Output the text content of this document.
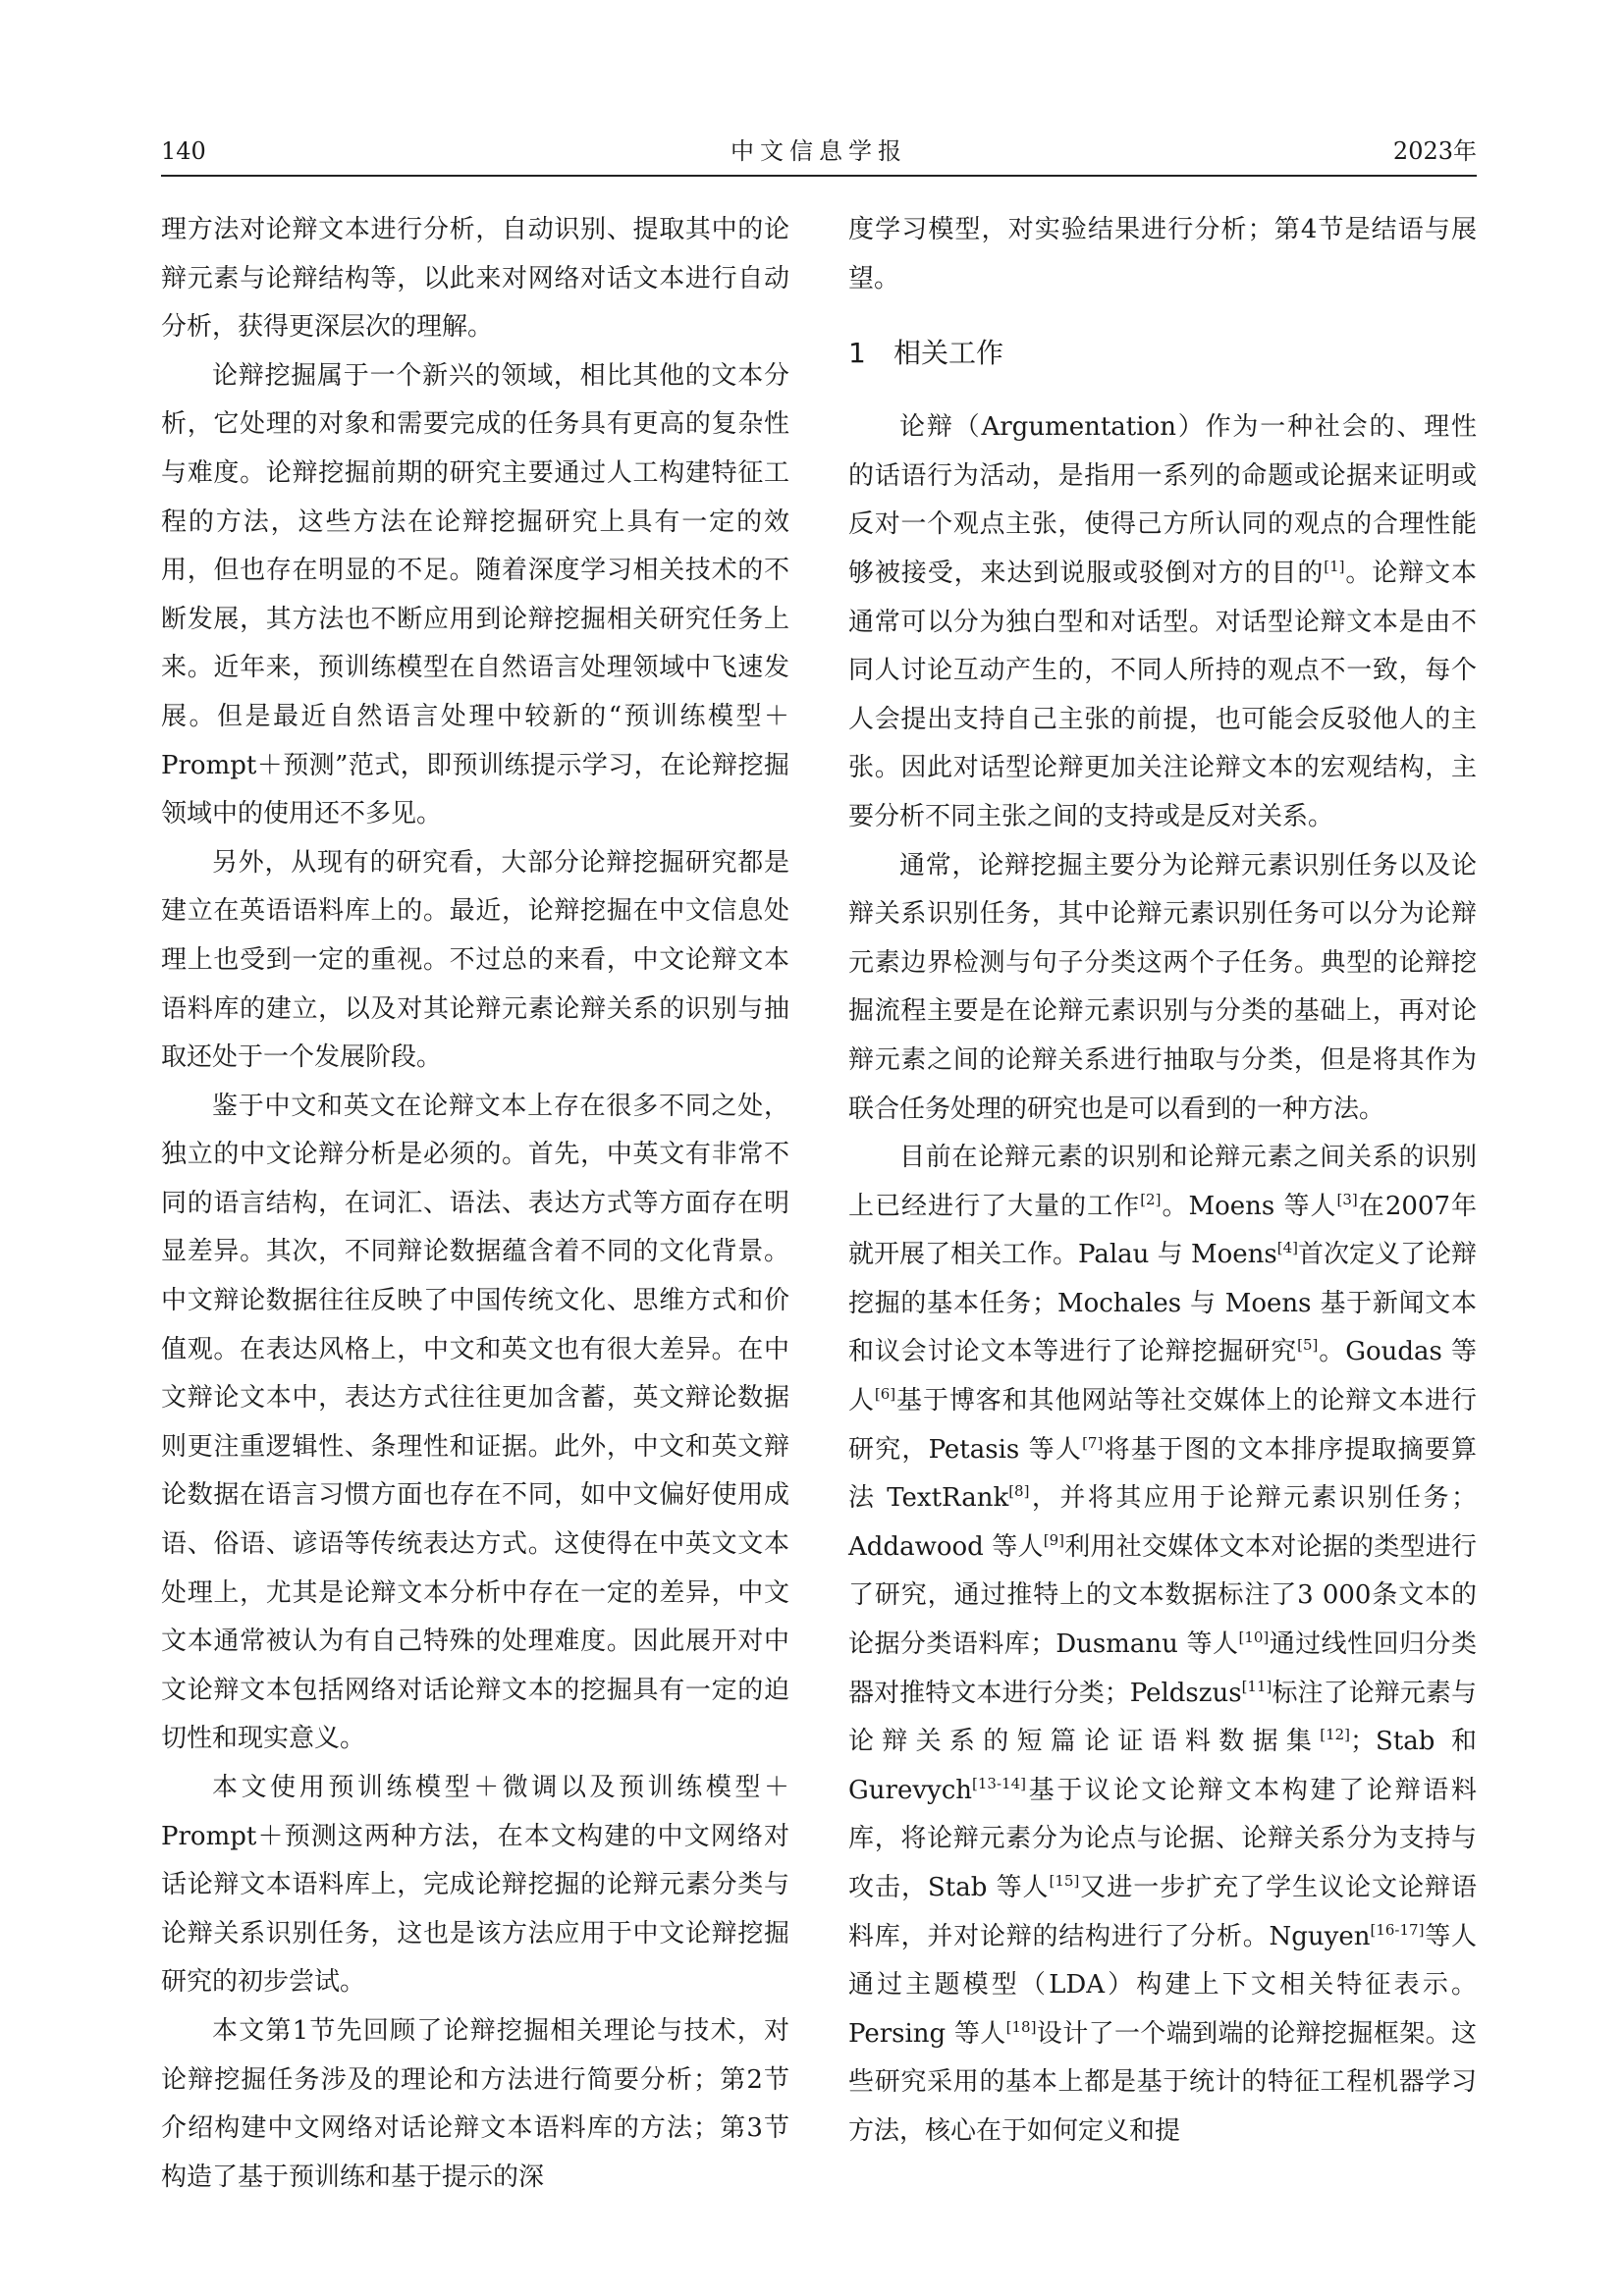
140	中文信息学报	2023年

理方法对论辩文本进行分析，自动识别、提取其中的论辩元素与论辩结构等，以此来对网络对话文本进行自动分析，获得更深层次的理解。

论辩挖掘属于一个新兴的领域，相比其他的文本分析，它处理的对象和需要完成的任务具有更高的复杂性与难度。论辩挖掘前期的研究主要通过人工构建特征工程的方法，这些方法在论辩挖掘研究上具有一定的效用，但也存在明显的不足。随着深度学习相关技术的不断发展，其方法也不断应用到论辩挖掘相关研究任务上来。近年来，预训练模型在自然语言处理领域中飞速发展。但是最近自然语言处理中较新的“预训练模型＋Prompt＋预测”范式，即预训练提示学习，在论辩挖掘领域中的使用还不多见。

另外，从现有的研究看，大部分论辩挖掘研究都是建立在英语语料库上的。最近，论辩挖掘在中文信息处理上也受到一定的重视。不过总的来看，中文论辩文本语料库的建立，以及对其论辩元素论辩关系的识别与抽取还处于一个发展阶段。

鉴于中文和英文在论辩文本上存在很多不同之处，独立的中文论辩分析是必须的。首先，中英文有非常不同的语言结构，在词汇、语法、表达方式等方面存在明显差异。其次，不同辩论数据蕴含着不同的文化背景。中文辩论数据往往反映了中国传统文化、思维方式和价值观。在表达风格上，中文和英文也有很大差异。在中文辩论文本中，表达方式往往更加含蓄，英文辩论数据则更注重逻辑性、条理性和证据。此外，中文和英文辩论数据在语言习惯方面也存在不同，如中文偏好使用成语、俗语、谚语等传统表达方式。这使得在中英文文本处理上，尤其是论辩文本分析中存在一定的差异，中文文本通常被认为有自己特殊的处理难度。因此展开对中文论辩文本包括网络对话论辩文本的挖掘具有一定的迫切性和现实意义。

本文使用预训练模型＋微调以及预训练模型＋Prompt＋预测这两种方法，在本文构建的中文网络对话论辩文本语料库上，完成论辩挖掘的论辩元素分类与论辩关系识别任务，这也是该方法应用于中文论辩挖掘研究的初步尝试。

本文第1节先回顾了论辩挖掘相关理论与技术，对论辩挖掘任务涉及的理论和方法进行简要分析；第2节介绍构建中文网络对话论辩文本语料库的方法；第3节构造了基于预训练和基于提示的深

度学习模型，对实验结果进行分析；第4节是结语与展望。

1 相关工作

论辩（Argumentation）作为一种社会的、理性的话语行为活动，是指用一系列的命题或论据来证明或反对一个观点主张，使得己方所认同的观点的合理性能够被接受，来达到说服或驳倒对方的目的[1]。论辩文本通常可以分为独白型和对话型。对话型论辩文本是由不同人讨论互动产生的，不同人所持的观点不一致，每个人会提出支持自己主张的前提，也可能会反驳他人的主张。因此对话型论辩更加关注论辩文本的宏观结构，主要分析不同主张之间的支持或是反对关系。

通常，论辩挖掘主要分为论辩元素识别任务以及论辩关系识别任务，其中论辩元素识别任务可以分为论辩元素边界检测与句子分类这两个子任务。典型的论辩挖掘流程主要是在论辩元素识别与分类的基础上，再对论辩元素之间的论辩关系进行抽取与分类，但是将其作为联合任务处理的研究也是可以看到的一种方法。

目前在论辩元素的识别和论辩元素之间关系的识别上已经进行了大量的工作[2]。Moens 等人[3]在2007年就开展了相关工作。Palau 与 Moens[4]首次定义了论辩挖掘的基本任务；Mochales 与 Moens 基于新闻文本和议会讨论文本等进行了论辩挖掘研究[5]。Goudas 等人[6]基于博客和其他网站等社交媒体上的论辩文本进行研究，Petasis 等人[7]将基于图的文本排序提取摘要算法 TextRank[8]，并将其应用于论辩元素识别任务；Addawood 等人[9]利用社交媒体文本对论据的类型进行了研究，通过推特上的文本数据标注了3 000条文本的论据分类语料库；Dusmanu 等人[10]通过线性回归分类器对推特文本进行分类；Peldszus[11]标注了论辩元素与论辩关系的短篇论证语料数据集[12]；Stab 和 Gurevych[13-14]基于议论文论辩文本构建了论辩语料库，将论辩元素分为论点与论据、论辩关系分为支持与攻击，Stab 等人[15]又进一步扩充了学生议论文论辩语料库，并对论辩的结构进行了分析。Nguyen[16-17]等人通过主题模型（LDA）构建上下文相关特征表示。Persing 等人[18]设计了一个端到端的论辩挖掘框架。这些研究采用的基本上都是基于统计的特征工程机器学习方法，核心在于如何定义和提
